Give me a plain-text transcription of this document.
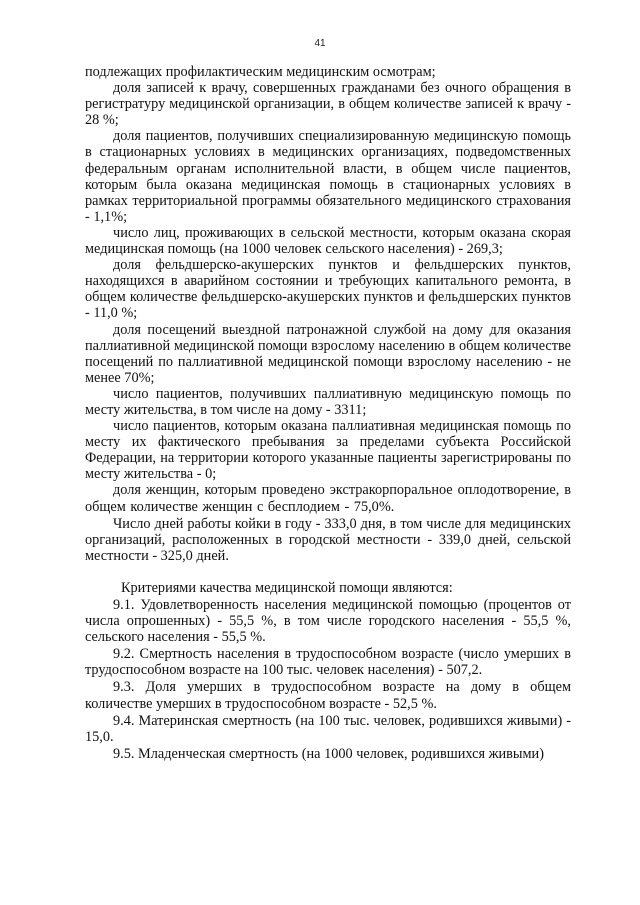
41

подлежащих профилактическим медицинским осмотрам;

доля записей к врачу, совершенных гражданами без очного обращения в регистратуру медицинской организации, в общем количестве записей к врачу - 28 %;

доля пациентов, получивших специализированную медицинскую помощь в стационарных условиях в медицинских организациях, подведомственных федеральным органам исполнительной власти, в общем числе пациентов, которым была оказана медицинская помощь в стационарных условиях в рамках территориальной программы обязательного медицинского страхования - 1,1%;

число лиц, проживающих в сельской местности, которым оказана скорая медицинская помощь (на 1000 человек сельского населения) - 269,3;

доля фельдшерско-акушерских пунктов и фельдшерских пунктов, находящихся в аварийном состоянии и требующих капитального ремонта, в общем количестве фельдшерско-акушерских пунктов и фельдшерских пунктов - 11,0 %;

доля посещений выездной патронажной службой на дому для оказания паллиативной медицинской помощи взрослому населению в общем количестве посещений по паллиативной медицинской помощи взрослому населению - не менее 70%;

число пациентов, получивших паллиативную медицинскую помощь по месту жительства, в том числе на дому - 3311;

число пациентов, которым оказана паллиативная медицинская помощь по месту их фактического пребывания за пределами субъекта Российской Федерации, на территории которого указанные пациенты зарегистрированы по месту жительства - 0;

доля женщин, которым проведено экстракорпоральное оплодотворение, в общем количестве женщин с бесплодием - 75,0%.

Число дней работы койки в году - 333,0 дня, в том числе для медицинских организаций, расположенных в городской местности - 339,0 дней, сельской местности - 325,0 дней.

Критериями качества медицинской помощи являются:

9.1. Удовлетворенность населения медицинской помощью (процентов от числа опрошенных) - 55,5 %, в том числе городского населения - 55,5 %, сельского населения - 55,5 %.

9.2. Смертность населения в трудоспособном возрасте (число умерших в трудоспособном возрасте на 100 тыс. человек населения) - 507,2.

9.3. Доля умерших в трудоспособном возрасте на дому в общем количестве умерших в трудоспособном возрасте - 52,5 %.

9.4. Материнская смертность (на 100 тыс. человек, родившихся живыми) - 15,0.

9.5. Младенческая смертность (на 1000 человек, родившихся живыми)
